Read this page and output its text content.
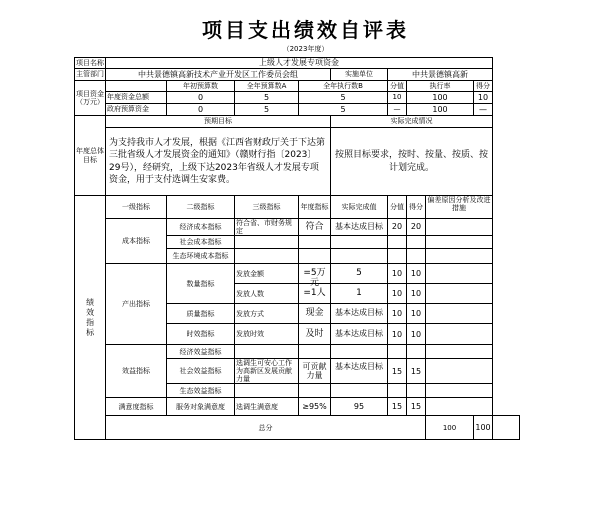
项目支出绩效自评表
（2023年度）
项目名称	上级人才发展专项资金									
主管部门	中共景德镇高新技术产业开发区工作委员会组				实施单位	中共景德镇高新				
项目资金（万元）		年初预算数	全年预算数A	全年执行数B		分值	执行率		得分	
	年度资金总额	0	5	5		10	100		10	
	政府预算资金	0	5	5		—	100		—	
年度总体目标	预期目标				实际完成情况					
	为支持我市人才发展，根据《江西省财政厅关于下达第三批省级人才发展资金的通知》（赣财行指〔2023〕29号），经研究，上级下达2023年省级人才发展专项资金，用于支付选调生安家费。				按照目标要求，按时、按量、按质、按计划完成。					
绩效指标	一级指标	二级指标	三级指标	年度指标	实际完成值	分值	得分	偏差原因分析及改进措施		

	成本指标	经济成本指标	符合省、市财务规定	符合	基本达成目标	20	20			
		社会成本指标								
		生态环境成本指标								
	产出指标	数量指标	发放金额	=5万元	5	10	10			
			发放人数	=1人	1	10	10			
		质量指标	发放方式	现金	基本达成目标	10	10			
		时效指标	发放时效	及时	基本达成目标	10	10			
	效益指标	经济效益指标								
		社会效益指标	选调生可安心工作为高新区发展贡献力量	可贡献力量	基本达成目标	15	15			
		生态效益指标								
	满意度指标	服务对象满意度	选调生满意度	≥95%	95	15	15			
	总分							100	100	
